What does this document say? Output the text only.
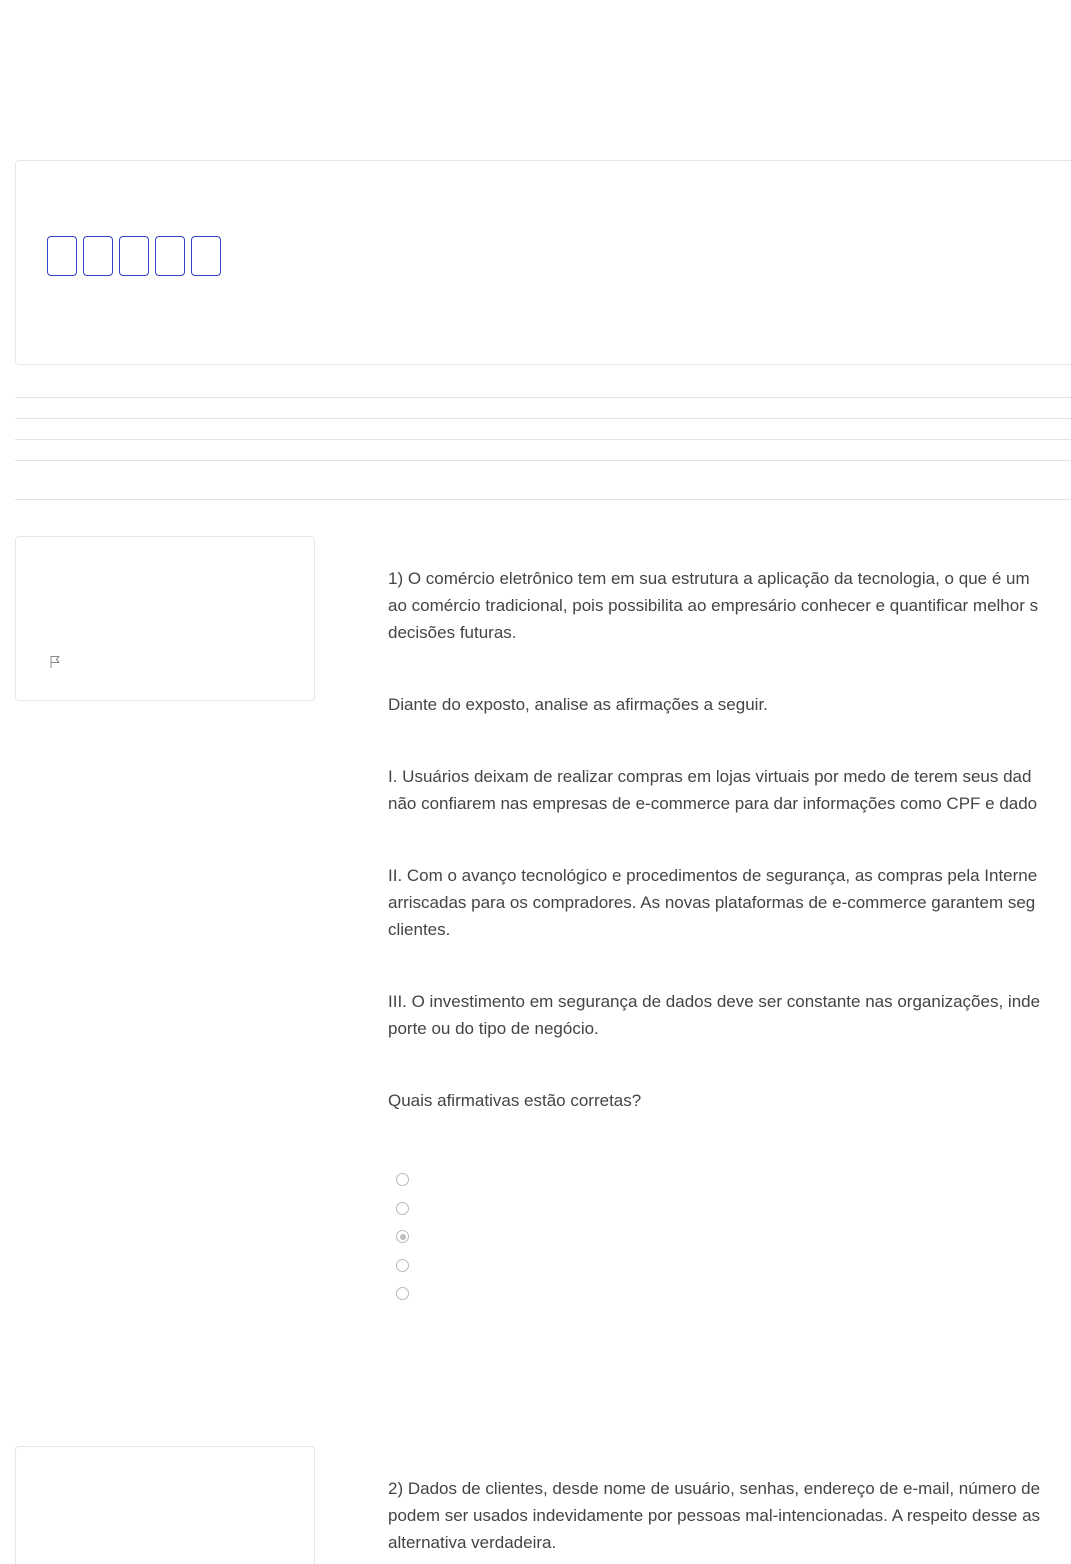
1) O comércio eletrônico tem em sua estrutura a aplicação da tecnologia, o que é um
ao comércio tradicional, pois possibilita ao empresário conhecer e quantificar melhor s
decisões futuras.

Diante do exposto, analise as afirmações a seguir.

I. Usuários deixam de realizar compras em lojas virtuais por medo de terem seus dad
não confiarem nas empresas de e-commerce para dar informações como CPF e dado

II. Com o avanço tecnológico e procedimentos de segurança, as compras pela Interne
arriscadas para os compradores. As novas plataformas de e-commerce garantem seg
clientes.

III. O investimento em segurança de dados deve ser constante nas organizações, inde
porte ou do tipo de negócio.

Quais afirmativas estão corretas?

2) Dados de clientes, desde nome de usuário, senhas, endereço de e-mail, número de
podem ser usados indevidamente por pessoas mal-intencionadas. A respeito desse as
alternativa verdadeira.
